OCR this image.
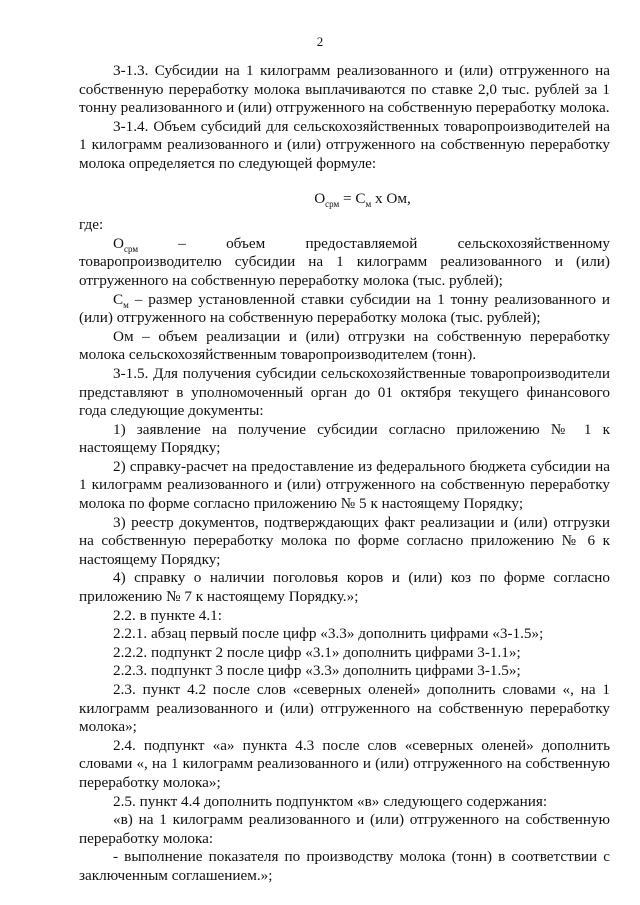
2

3-1.3. Субсидии на 1 килограмм реализованного и (или) отгруженного на собственную переработку молока выплачиваются по ставке 2,0 тыс. рублей за 1 тонну реализованного и (или) отгруженного на собственную переработку молока.

3-1.4. Объем субсидий для сельскохозяйственных товаропроизводителей на 1 килограмм реализованного и (или) отгруженного на собственную переработку молока определяется по следующей формуле:

$O_{срм} = C_м$ х Ом,

где:

$O_{срм}$ – объем предоставляемой сельскохозяйственному товаропроизводителю субсидии на 1 килограмм реализованного и (или) отгруженного на собственную переработку молока (тыс. рублей);

$C_м$ – размер установленной ставки субсидии на 1 тонну реализованного и (или) отгруженного на собственную переработку молока (тыс. рублей);

Ом – объем реализации и (или) отгрузки на собственную переработку молока сельскохозяйственным товаропроизводителем (тонн).

3-1.5. Для получения субсидии сельскохозяйственные товаропроизводители представляют в уполномоченный орган до 01 октября текущего финансового года следующие документы:

1) заявление на получение субсидии согласно приложению № 1 к настоящему Порядку;

2) справку-расчет на предоставление из федерального бюджета субсидии на 1 килограмм реализованного и (или) отгруженного на собственную переработку молока по форме согласно приложению № 5 к настоящему Порядку;

3) реестр документов, подтверждающих факт реализации и (или) отгрузки на собственную переработку молока по форме согласно приложению № 6 к настоящему Порядку;

4) справку о наличии поголовья коров и (или) коз по форме согласно приложению № 7 к настоящему Порядку.»;

2.2. в пункте 4.1:

2.2.1. абзац первый после цифр «3.3» дополнить цифрами «3-1.5»;

2.2.2. подпункт 2 после цифр «3.1» дополнить цифрами 3-1.1»;

2.2.3. подпункт 3 после цифр «3.3» дополнить цифрами 3-1.5»;

2.3. пункт 4.2 после слов «северных оленей» дополнить словами «, на 1 килограмм реализованного и (или) отгруженного на собственную переработку молока»;

2.4. подпункт «а» пункта 4.3 после слов «северных оленей» дополнить словами «, на 1 килограмм реализованного и (или) отгруженного на собственную переработку молока»;

2.5. пункт 4.4 дополнить подпунктом «в» следующего содержания:

«в) на 1 килограмм реализованного и (или) отгруженного на собственную переработку молока:

- выполнение показателя по производству молока (тонн) в соответствии с заключенным соглашением.»;
